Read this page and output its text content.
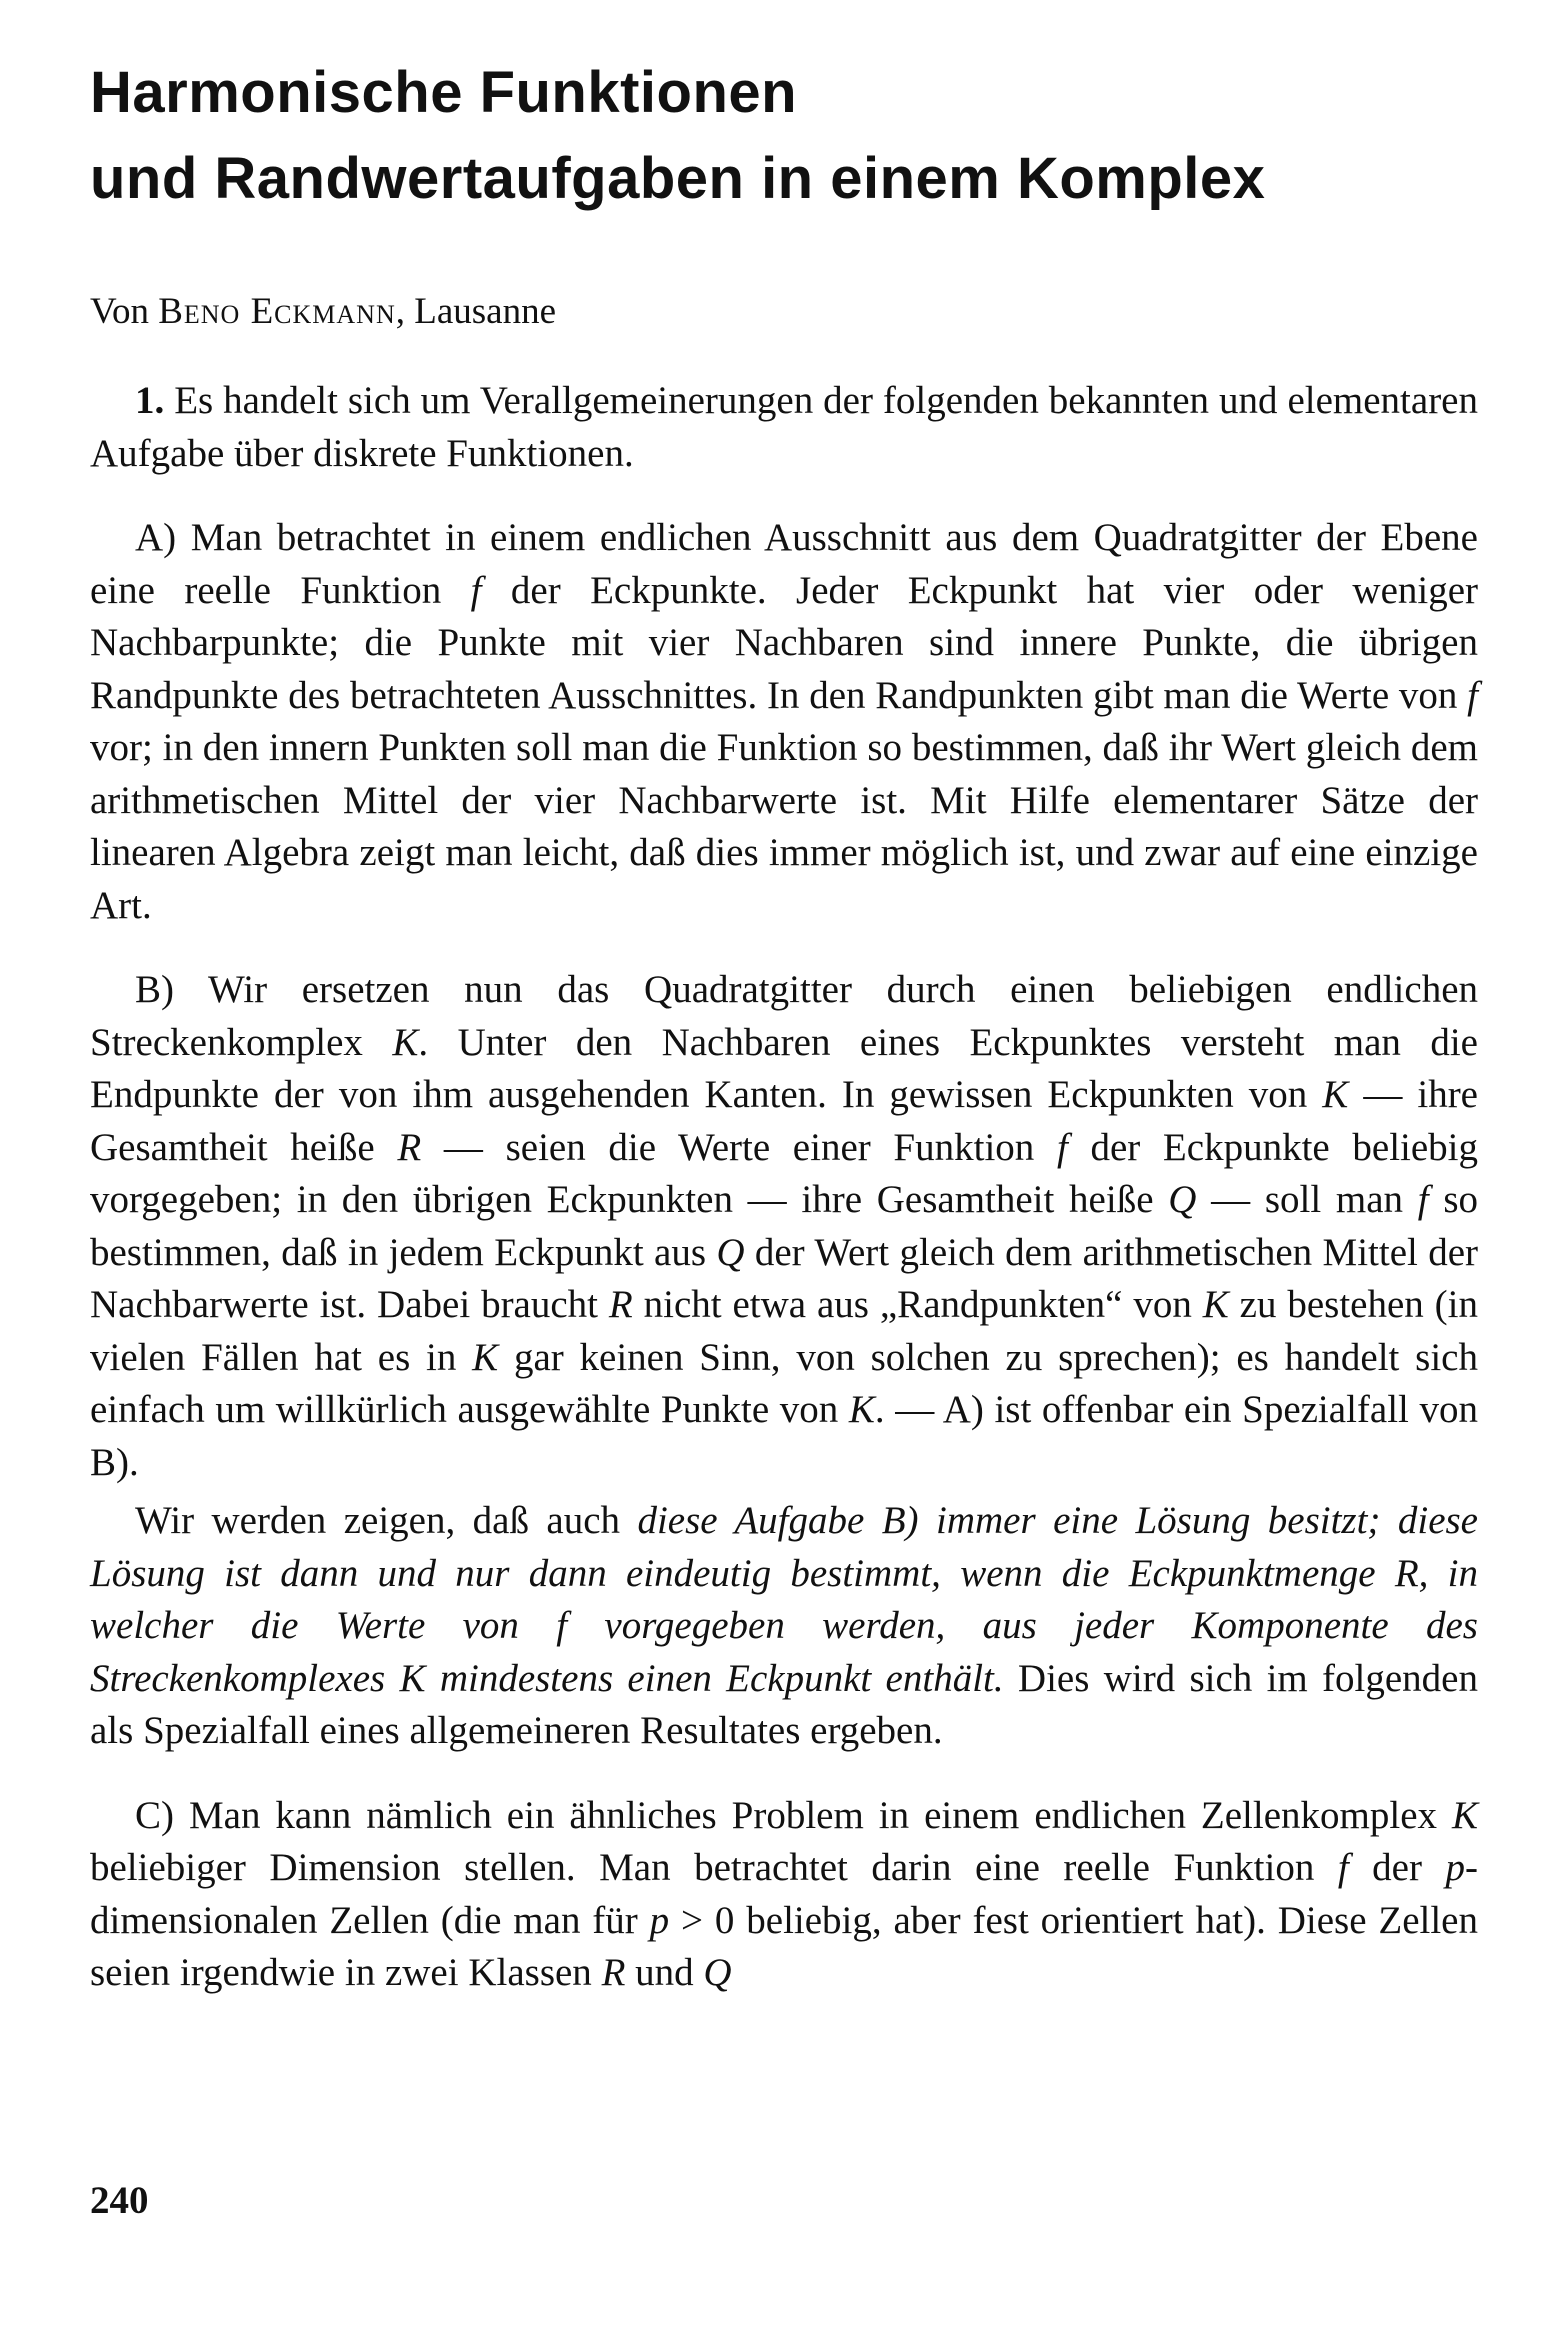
Harmonische Funktionen
und Randwertaufgaben in einem Komplex
Von Beno Eckmann, Lausanne

1. Es handelt sich um Verallgemeinerungen der folgenden bekannten und elementaren Aufgabe über diskrete Funktionen.

A) Man betrachtet in einem endlichen Ausschnitt aus dem Quadratgitter der Ebene eine reelle Funktion f der Eckpunkte. Jeder Eckpunkt hat vier oder weniger Nachbarpunkte; die Punkte mit vier Nachbaren sind innere Punkte, die übrigen Randpunkte des betrachteten Ausschnittes. In den Randpunkten gibt man die Werte von f vor; in den innern Punkten soll man die Funktion so bestimmen, daß ihr Wert gleich dem arithmetischen Mittel der vier Nachbarwerte ist. Mit Hilfe elementarer Sätze der linearen Algebra zeigt man leicht, daß dies immer möglich ist, und zwar auf eine einzige Art.

B) Wir ersetzen nun das Quadratgitter durch einen beliebigen endlichen Streckenkomplex K. Unter den Nachbaren eines Eckpunktes versteht man die Endpunkte der von ihm ausgehenden Kanten. In gewissen Eckpunkten von K — ihre Gesamtheit heiße R — seien die Werte einer Funktion f der Eckpunkte beliebig vorgegeben; in den übrigen Eckpunkten — ihre Gesamtheit heiße Q — soll man f so bestimmen, daß in jedem Eckpunkt aus Q der Wert gleich dem arithmetischen Mittel der Nachbarwerte ist. Dabei braucht R nicht etwa aus „Randpunkten“ von K zu bestehen (in vielen Fällen hat es in K gar keinen Sinn, von solchen zu sprechen); es handelt sich einfach um willkürlich ausgewählte Punkte von K. — A) ist offenbar ein Spezialfall von B).

Wir werden zeigen, daß auch diese Aufgabe B) immer eine Lösung besitzt; diese Lösung ist dann und nur dann eindeutig bestimmt, wenn die Eckpunktmenge R, in welcher die Werte von f vorgegeben werden, aus jeder Komponente des Streckenkomplexes K mindestens einen Eckpunkt enthält. Dies wird sich im folgenden als Spezialfall eines allgemeineren Resultates ergeben.

C) Man kann nämlich ein ähnliches Problem in einem endlichen Zellenkomplex K beliebiger Dimension stellen. Man betrachtet darin eine reelle Funktion f der p-dimensionalen Zellen (die man für p > 0 beliebig, aber fest orientiert hat). Diese Zellen seien irgendwie in zwei Klassen R und Q

240
